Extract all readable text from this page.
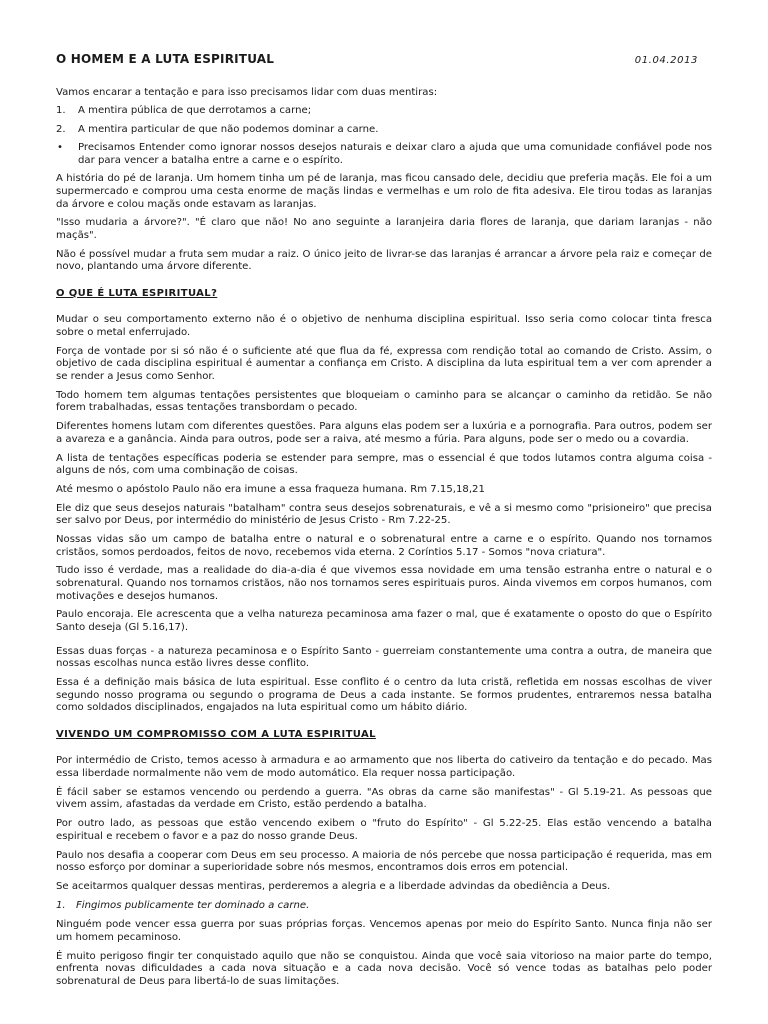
O HOMEM E A LUTA ESPIRITUAL	01.04.2013

Vamos encarar a tentação e para isso precisamos lidar com duas mentiras:

1. A mentira pública de que derrotamos a carne;
2. A mentira particular de que não podemos dominar a carne.
• Precisamos Entender como ignorar nossos desejos naturais e deixar claro a ajuda que uma comunidade confiável pode nos dar para vencer a batalha entre a carne e o espírito.

A história do pé de laranja. Um homem tinha um pé de laranja, mas ficou cansado dele, decidiu que preferia maçãs. Ele foi a um supermercado e comprou uma cesta enorme de maçãs lindas e vermelhas e um rolo de fita adesiva. Ele tirou todas as laranjas da árvore e colou maçãs onde estavam as laranjas.

"Isso mudaria a árvore?". "É claro que não! No ano seguinte a laranjeira daria flores de laranja, que dariam laranjas - não maçãs".

Não é possível mudar a fruta sem mudar a raiz. O único jeito de livrar-se das laranjas é arrancar a árvore pela raiz e começar de novo, plantando uma árvore diferente.

O QUE É LUTA ESPIRITUAL?

Mudar o seu comportamento externo não é o objetivo de nenhuma disciplina espiritual. Isso seria como colocar tinta fresca sobre o metal enferrujado.

Força de vontade por si só não é o suficiente até que flua da fé, expressa com rendição total ao comando de Cristo. Assim, o objetivo de cada disciplina espiritual é aumentar a confiança em Cristo. A disciplina da luta espiritual tem a ver com aprender a se render a Jesus como Senhor.

Todo homem tem algumas tentações persistentes que bloqueiam o caminho para se alcançar o caminho da retidão. Se não forem trabalhadas, essas tentações transbordam o pecado.

Diferentes homens lutam com diferentes questões. Para alguns elas podem ser a luxúria e a pornografia. Para outros, podem ser a avareza e a ganância. Ainda para outros, pode ser a raiva, até mesmo a fúria. Para alguns, pode ser o medo ou a covardia.

A lista de tentações específicas poderia se estender para sempre, mas o essencial é que todos lutamos contra alguma coisa - alguns de nós, com uma combinação de coisas.

Até mesmo o apóstolo Paulo não era imune a essa fraqueza humana. Rm 7.15,18,21

Ele diz que seus desejos naturais "batalham" contra seus desejos sobrenaturais, e vê a si mesmo como "prisioneiro" que precisa ser salvo por Deus, por intermédio do ministério de Jesus Cristo - Rm 7.22-25.

Nossas vidas são um campo de batalha entre o natural e o sobrenatural entre a carne e o espírito. Quando nos tornamos cristãos, somos perdoados, feitos de novo, recebemos vida eterna. 2 Coríntios 5.17 - Somos "nova criatura".

Tudo isso é verdade, mas a realidade do dia-a-dia é que vivemos essa novidade em uma tensão estranha entre o natural e o sobrenatural. Quando nos tornamos cristãos, não nos tornamos seres espirituais puros. Ainda vivemos em corpos humanos, com motivações e desejos humanos.

Paulo encoraja. Ele acrescenta que a velha natureza pecaminosa ama fazer o mal, que é exatamente o oposto do que o Espírito Santo deseja (Gl 5.16,17).

Essas duas forças - a natureza pecaminosa e o Espírito Santo - guerreiam constantemente uma contra a outra, de maneira que nossas escolhas nunca estão livres desse conflito.

Essa é a definição mais básica de luta espiritual. Esse conflito é o centro da luta cristã, refletida em nossas escolhas de viver segundo nosso programa ou segundo o programa de Deus a cada instante. Se formos prudentes, entraremos nessa batalha como soldados disciplinados, engajados na luta espiritual como um hábito diário.

VIVENDO UM COMPROMISSO COM A LUTA ESPIRITUAL

Por intermédio de Cristo, temos acesso à armadura e ao armamento que nos liberta do cativeiro da tentação e do pecado. Mas essa liberdade normalmente não vem de modo automático. Ela requer nossa participação.

É fácil saber se estamos vencendo ou perdendo a guerra. "As obras da carne são manifestas" - Gl 5.19-21. As pessoas que vivem assim, afastadas da verdade em Cristo, estão perdendo a batalha.

Por outro lado, as pessoas que estão vencendo exibem o "fruto do Espírito" - Gl 5.22-25. Elas estão vencendo a batalha espiritual e recebem o favor e a paz do nosso grande Deus.

Paulo nos desafia a cooperar com Deus em seu processo. A maioria de nós percebe que nossa participação é requerida, mas em nosso esforço por dominar a superioridade sobre nós mesmos, encontramos dois erros em potencial.

Se aceitarmos qualquer dessas mentiras, perderemos a alegria e a liberdade advindas da obediência a Deus.

1. Fingimos publicamente ter dominado a carne.

Ninguém pode vencer essa guerra por suas próprias forças. Vencemos apenas por meio do Espírito Santo. Nunca finja não ser um homem pecaminoso.

É muito perigoso fingir ter conquistado aquilo que não se conquistou. Ainda que você saia vitorioso na maior parte do tempo, enfrenta novas dificuldades a cada nova situação e a cada nova decisão. Você só vence todas as batalhas pelo poder sobrenatural de Deus para libertá-lo de suas limitações.
